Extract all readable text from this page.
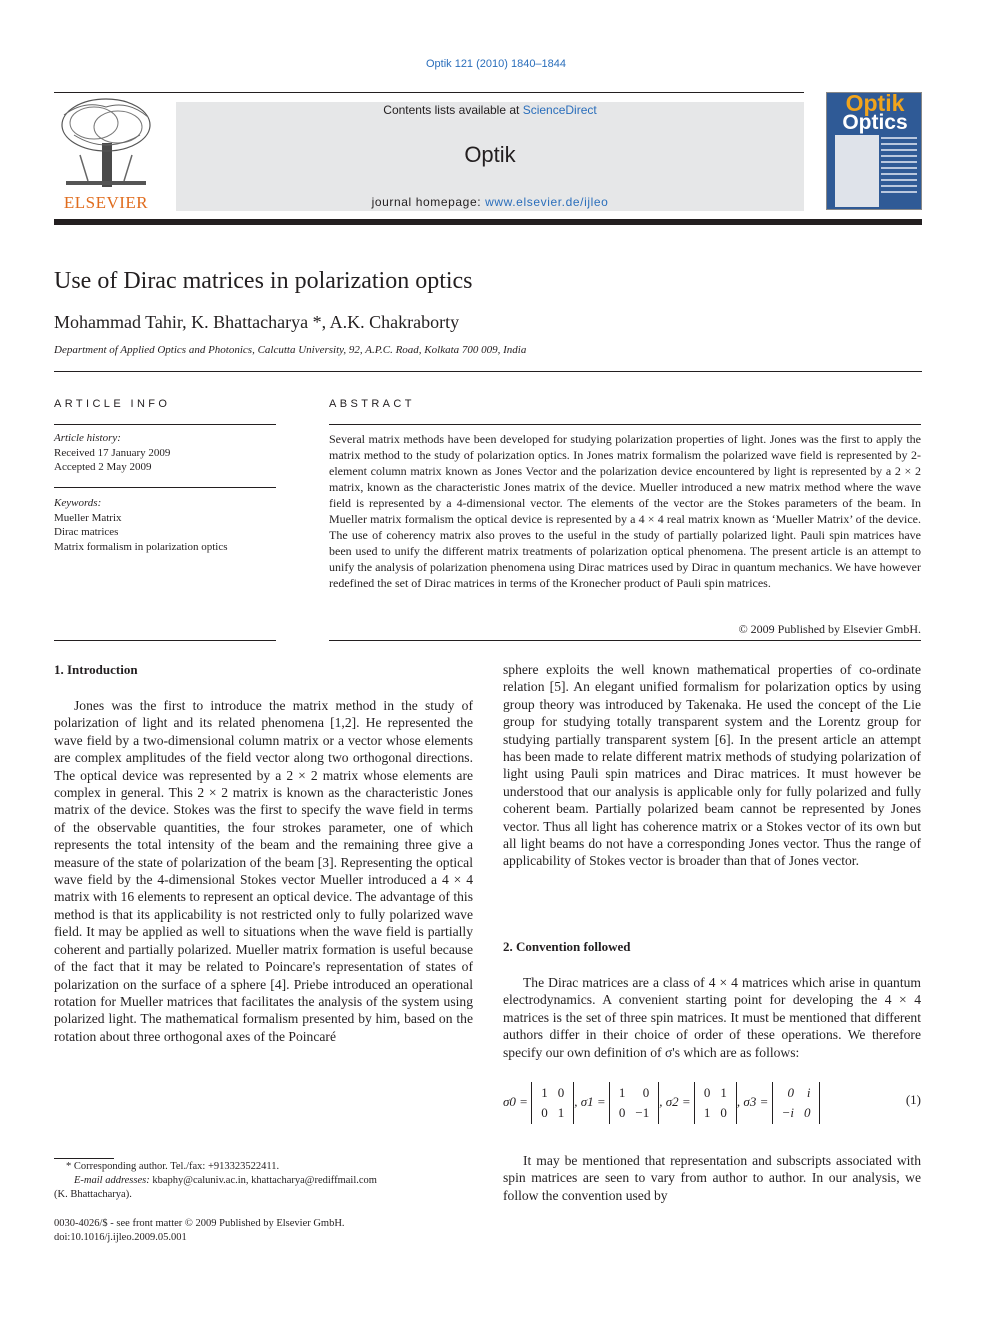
Optik 121 (2010) 1840–1844
ELSEVIER
Contents lists available at ScienceDirect
Optik
journal homepage: www.elsevier.de/ijleo
Optik
Optics
Use of Dirac matrices in polarization optics
Mohammad Tahir, K. Bhattacharya *, A.K. Chakraborty
Department of Applied Optics and Photonics, Calcutta University, 92, A.P.C. Road, Kolkata 700 009, India
ARTICLE INFO
Article history:
Received 17 January 2009
Accepted 2 May 2009
Keywords:
Mueller Matrix
Dirac matrices
Matrix formalism in polarization optics
ABSTRACT
Several matrix methods have been developed for studying polarization properties of light. Jones was the first to apply the matrix method to the study of polarization optics. In Jones matrix formalism the polarized wave field is represented by 2-element column matrix known as Jones Vector and the polarization device encountered by light is represented by a 2 × 2 matrix, known as the characteristic Jones matrix of the device. Mueller introduced a new matrix method where the wave field is represented by a 4-dimensional vector. The elements of the vector are the Stokes parameters of the beam. In Mueller matrix formalism the optical device is represented by a 4 × 4 real matrix known as ‘Mueller Matrix’ of the device. The use of coherency matrix also proves to the useful in the study of partially polarized light. Pauli spin matrices have been used to unify the different matrix treatments of polarization optical phenomena. The present article is an attempt to unify the analysis of polarization phenomena using Dirac matrices used by Dirac in quantum mechanics. We have however redefined the set of Dirac matrices in terms of the Kronecher product of Pauli spin matrices.
© 2009 Published by Elsevier GmbH.
1. Introduction
Jones was the first to introduce the matrix method in the study of polarization of light and its related phenomena [1,2]. He represented the wave field by a two-dimensional column matrix or a vector whose elements are complex amplitudes of the field vector along two orthogonal directions. The optical device was represented by a 2 × 2 matrix whose elements are complex in general. This 2 × 2 matrix is known as the characteristic Jones matrix of the device. Stokes was the first to specify the wave field in terms of the observable quantities, the four strokes parameter, one of which represents the total intensity of the beam and the remaining three give a measure of the state of polarization of the beam [3]. Representing the optical wave field by the 4-dimensional Stokes vector Mueller introduced a 4 × 4 matrix with 16 elements to represent an optical device. The advantage of this method is that its applicability is not restricted only to fully polarized wave field. It may be applied as well to situations when the wave field is partially coherent and partially polarized. Mueller matrix formation is useful because of the fact that it may be related to Poincare's representation of states of polarization on the surface of a sphere [4]. Priebe introduced an operational rotation for Mueller matrices that facilitates the analysis of the system using polarized light. The mathematical formalism presented by him, based on the rotation about three orthogonal axes of the Poincaré
sphere exploits the well known mathematical properties of co-ordinate relation [5]. An elegant unified formalism for polarization optics by using group theory was introduced by Takenaka. He used the concept of the Lie group for studying totally transparent system and the Lorentz group for studying partially transparent system [6]. In the present article an attempt has been made to relate different matrix methods of studying polarization of light using Pauli spin matrices and Dirac matrices. It must however be understood that our analysis is applicable only for fully polarized and fully coherent beam. Partially polarized beam cannot be represented by Jones vector. Thus all light has coherence matrix or a Stokes vector of its own but all light beams do not have a corresponding Jones vector. Thus the range of applicability of Stokes vector is broader than that of Jones vector.
2. Convention followed
The Dirac matrices are a class of 4 × 4 matrices which arise in quantum electrodynamics. A convenient starting point for developing the 4 × 4 matrices is the set of three spin matrices. It must be mentioned that different authors differ in their choice of order of these operations. We therefore specify our own definition of σ's which are as follows:
σ0 = 1	0
0	1, σ1 = 1	0
0	−1, σ2 = 0	1
1	0, σ3 = 0	i
−i	0
(1)
It may be mentioned that representation and subscripts associated with spin matrices are seen to vary from author to author. In our analysis, we follow the convention used by
* Corresponding author. Tel./fax: +913323522411.
E-mail addresses: kbaphy@caluniv.ac.in, khattacharya@rediffmail.com
(K. Bhattacharya).
0030-4026/$ - see front matter © 2009 Published by Elsevier GmbH.
doi:10.1016/j.ijleo.2009.05.001
